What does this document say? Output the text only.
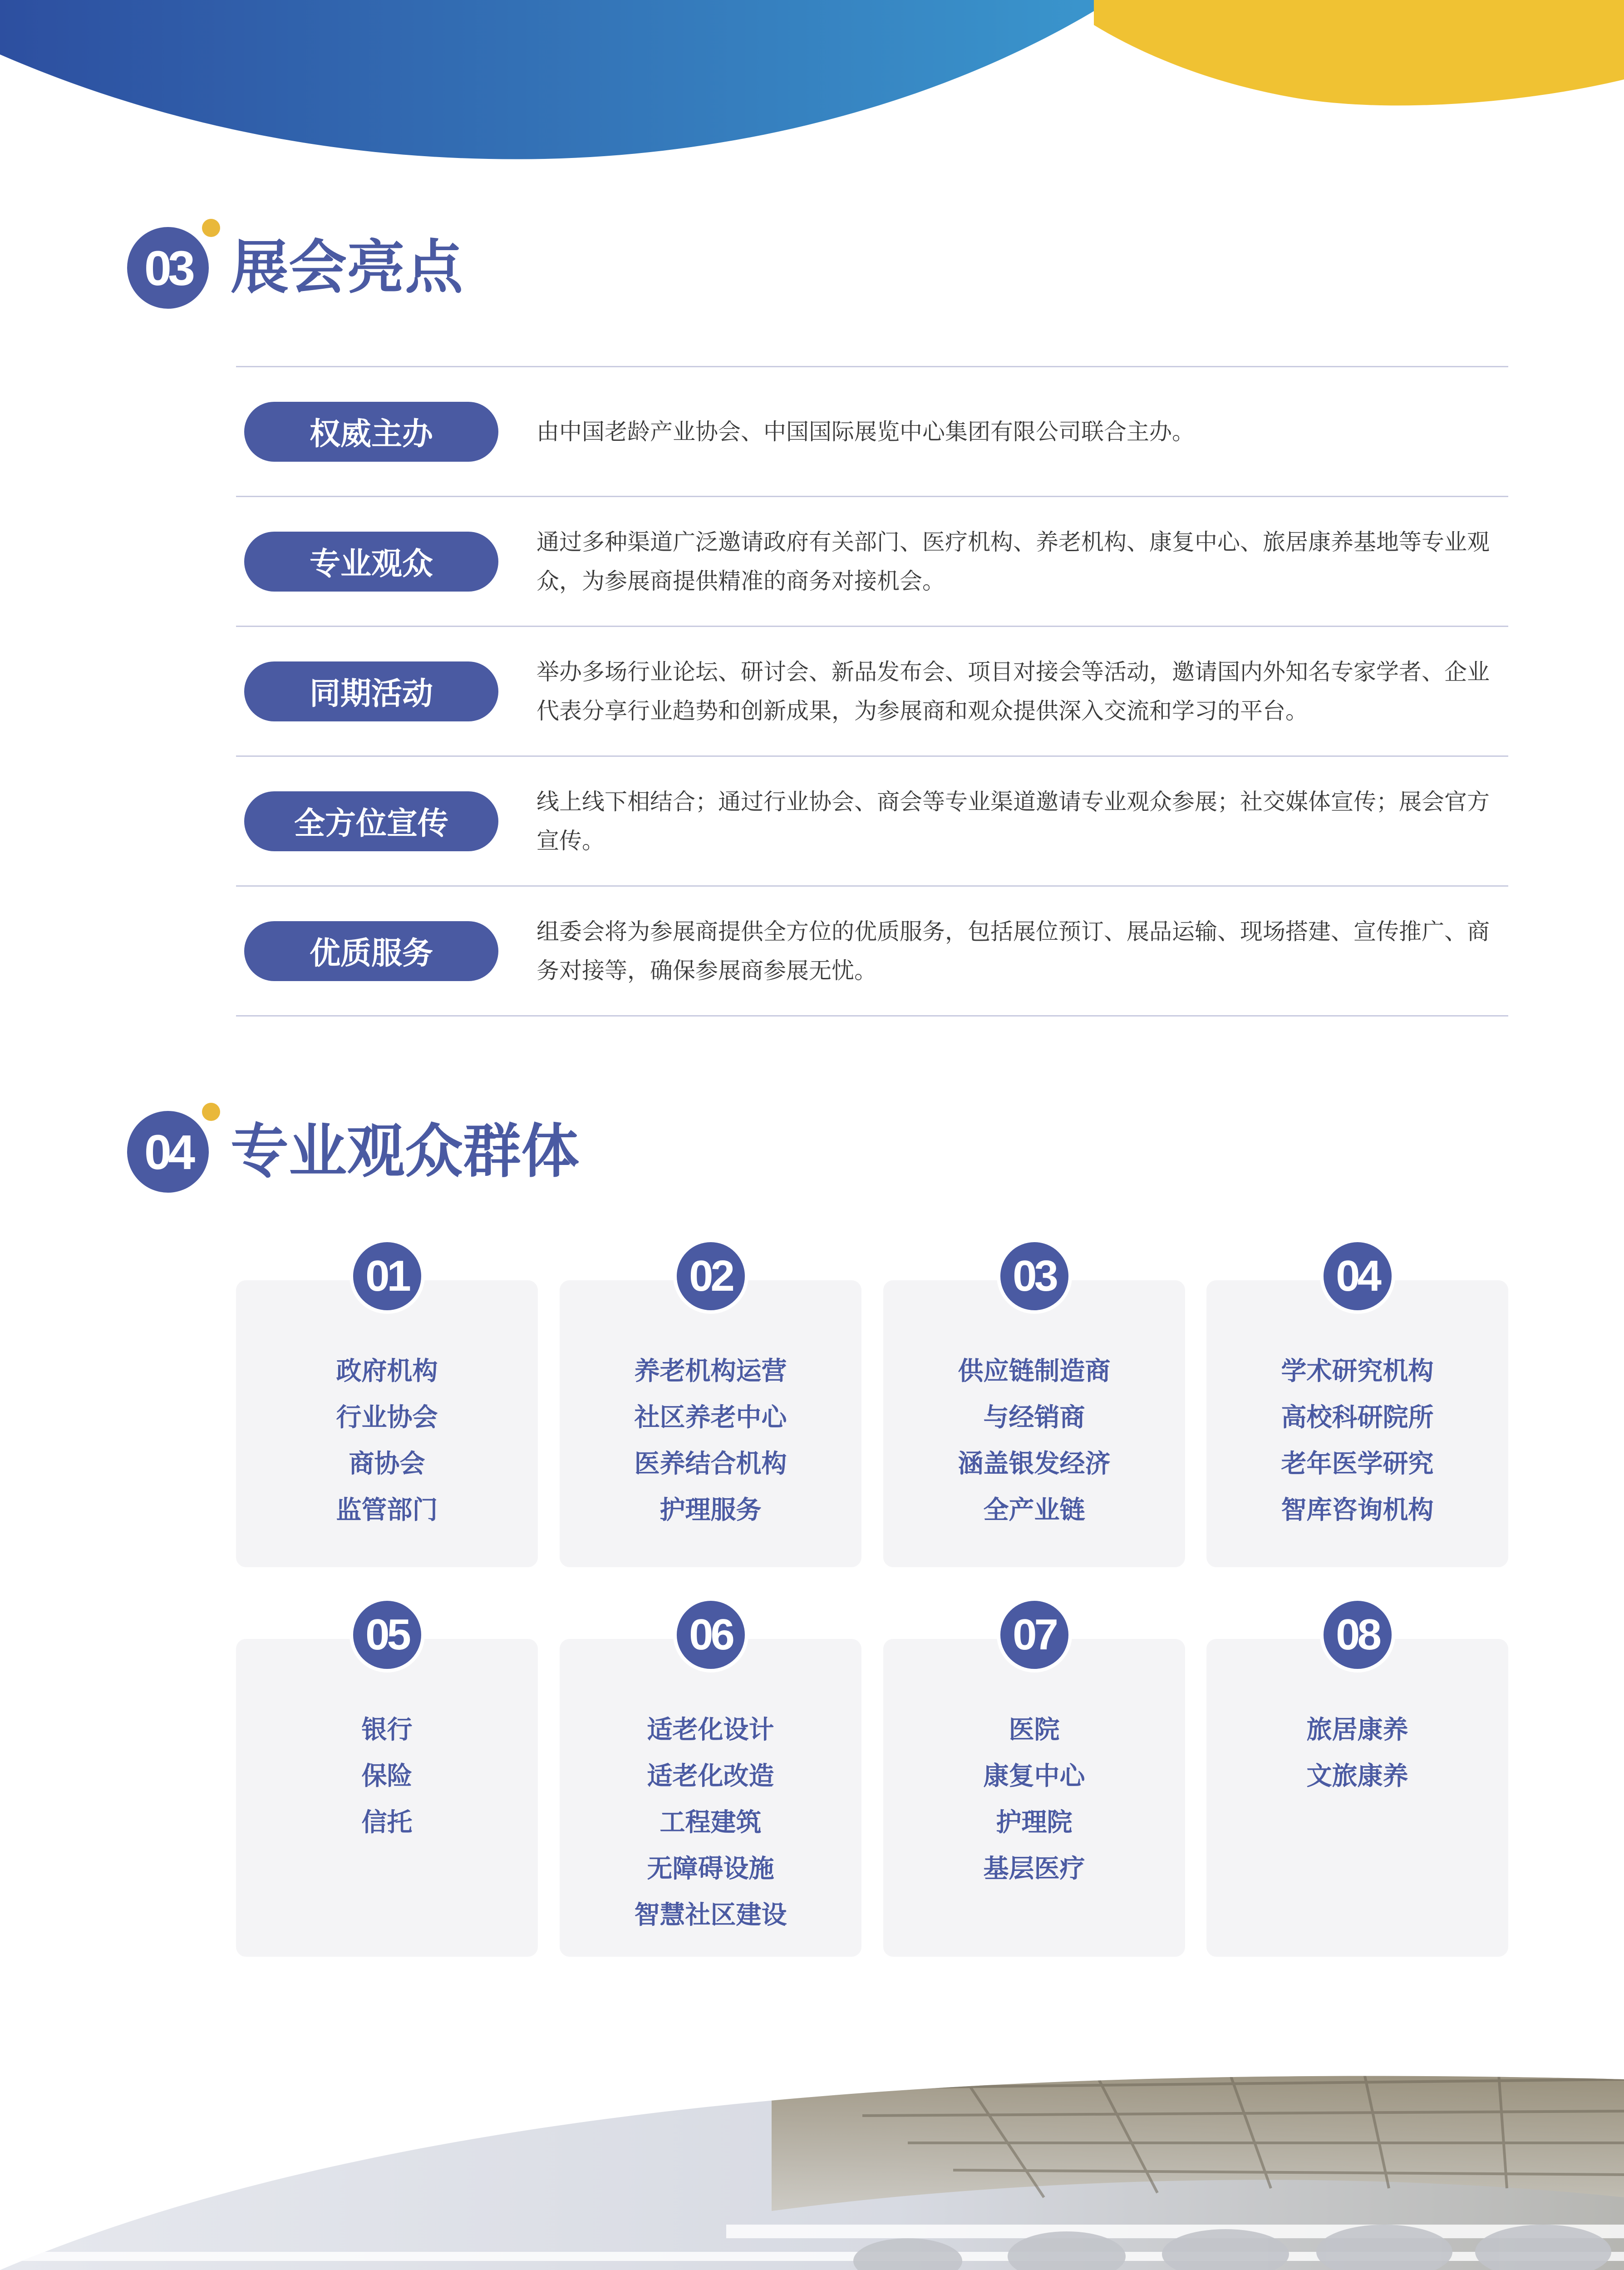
03 展会亮点
权威主办	由中国老龄产业协会、中国国际展览中心集团有限公司联合主办。
专业观众
通过多种渠道广泛邀请政府有关部门、医疗机构、养老机构、康复中心、旅居康养基地等专业观众，为参展商提供精准的商务对接机会。
同期活动
举办多场行业论坛、研讨会、新品发布会、项目对接会等活动，邀请国内外知名专家学者、企业代表分享行业趋势和创新成果，为参展商和观众提供深入交流和学习的平台。
全方位宣传
线上线下相结合；通过行业协会、商会等专业渠道邀请专业观众参展；社交媒体宣传；展会官方宣传。
优质服务
组委会将为参展商提供全方位的优质服务，包括展位预订、展品运输、现场搭建、宣传推广、商务对接等，确保参展商参展无忧。
04 专业观众群体
01
政府机构
行业协会
商协会
监管部门
02
养老机构运营
社区养老中心
医养结合机构
护理服务
03
供应链制造商
与经销商
涵盖银发经济
全产业链
04
学术研究机构
高校科研院所
老年医学研究
智库咨询机构
05
银行
保险
信托
06
适老化设计
适老化改造
工程建筑
无障碍设施
智慧社区建设
07
医院
康复中心
护理院
基层医疗
08
旅居康养
文旅康养
